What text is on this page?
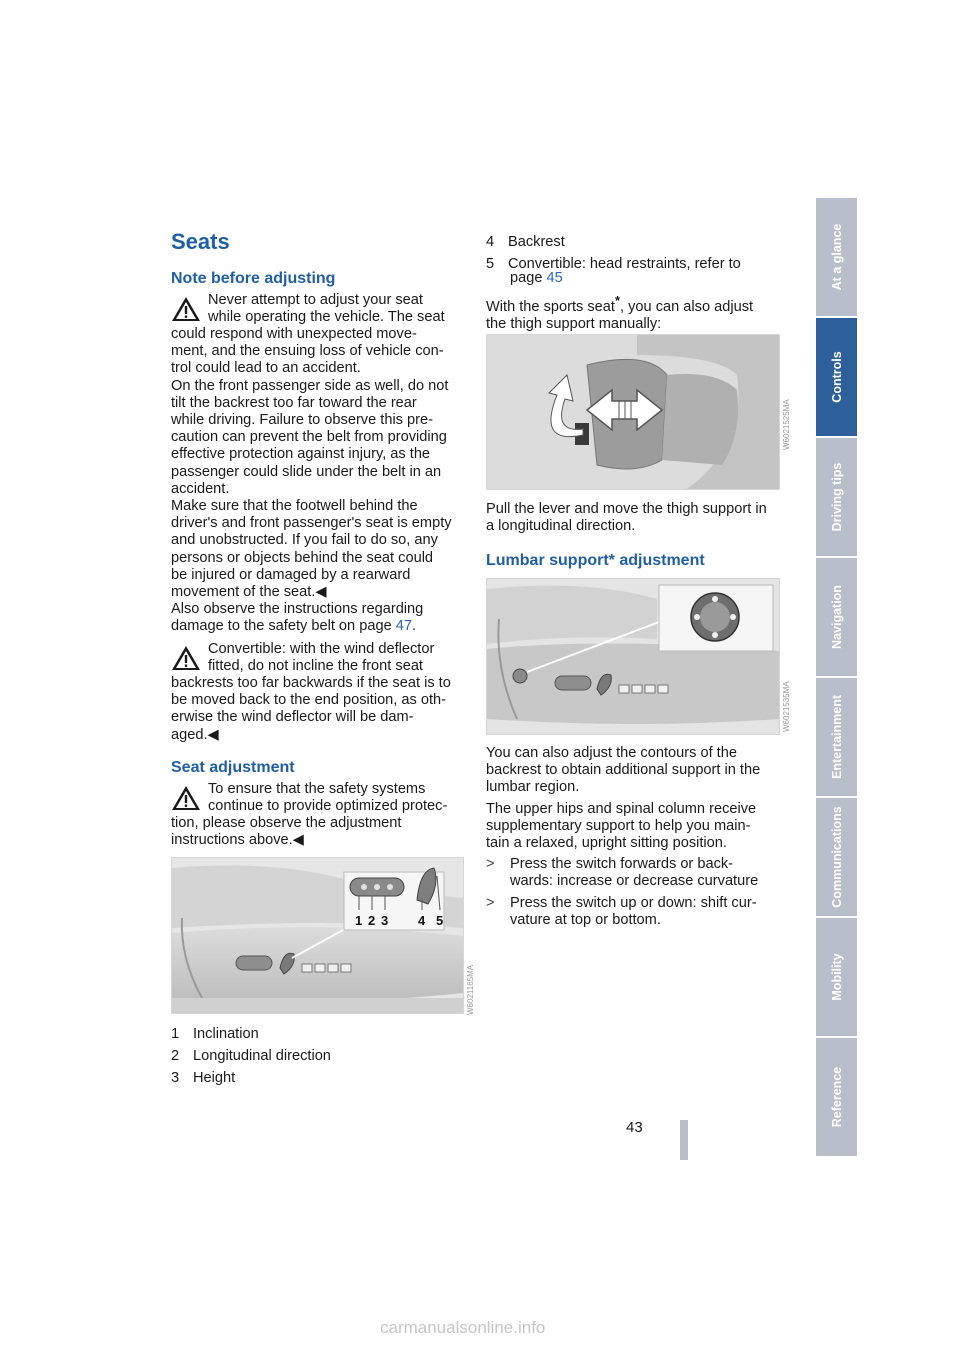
Seats
Note before adjusting
Never attempt to adjust your seat
while operating the vehicle. The seat
could respond with unexpected move-
ment, and the ensuing loss of vehicle con-
trol could lead to an accident.
On the front passenger side as well, do not
tilt the backrest too far toward the rear
while driving. Failure to observe this pre-
caution can prevent the belt from providing
effective protection against injury, as the
passenger could slide under the belt in an
accident.
Make sure that the footwell behind the
driver's and front passenger's seat is empty
and unobstructed. If you fail to do so, any
persons or objects behind the seat could
be injured or damaged by a rearward
movement of the seat.◀
Also observe the instructions regarding
damage to the safety belt on page 47.
Convertible: with the wind deflector
fitted, do not incline the front seat
backrests too far backwards if the seat is to
be moved back to the end position, as oth-
erwise the wind deflector will be dam-
aged.◀
Seat adjustment
To ensure that the safety systems
continue to provide optimized protec-
tion, please observe the adjustment
instructions above.◀
1 2 3 4 5
W6021165MA
1 Inclination
2 Longitudinal direction
3 Height
4 Backrest
5 Convertible: head restraints, refer to
page 45
With the sports seat*, you can also adjust
the thigh support manually:
W6021525MA
Pull the lever and move the thigh support in
a longitudinal direction.
Lumbar support* adjustment
W6021535MA
You can also adjust the contours of the
backrest to obtain additional support in the
lumbar region.
The upper hips and spinal column receive
supplementary support to help you main-
tain a relaxed, upright sitting position.
> Press the switch forwards or back-
wards: increase or decrease curvature
> Press the switch up or down: shift cur-
vature at top or bottom.
43
At a glance
Controls
Driving tips
Navigation
Entertainment
Communications
Mobility
Reference
carmanualsonline.info
